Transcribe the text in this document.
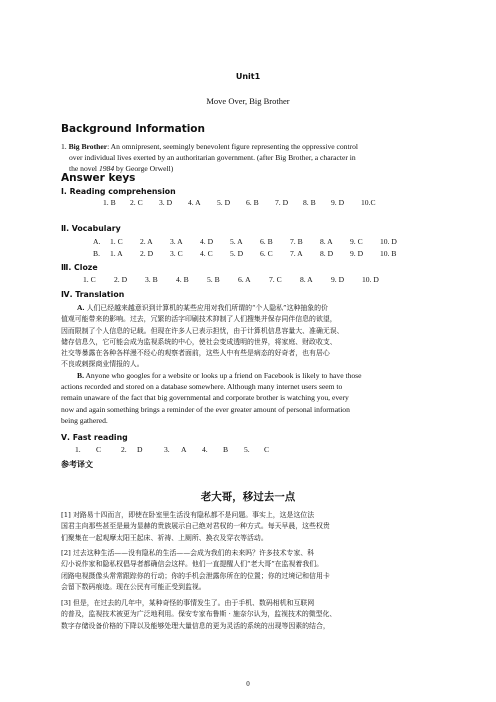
Unit1
Move Over, Big Brother
Background Information
1. Big Brother: An omnipresent, seemingly benevolent figure representing the oppressive control
over individual lives exerted by an authoritarian government. (after Big Brother, a character in
the novel 1984 by George Orwell)
Answer keys
Ⅰ. Reading comprehension
1. B 2. C 3. D 4. A 5. D 6. B 7. D 8. B 9. D 10.C
Ⅱ. Vocabulary
A. 1. C 2. A 3. A 4. D 5. A 6. B 7. B 8. A 9. C 10. D
B. 1. A 2. D 3. C 4. C 5. D 6. C 7. A 8. D 9. D 10. B
Ⅲ. Cloze
1. C 2. D 3. B 4. B 5. B 6. A 7. C 8. A 9. D 10. D
Ⅳ. Translation
A. 人们已经越来越意识到计算机的某些应用对我们所谓的“个人隐私”这种抽象的价
值观可能带来的影响。过去，冗繁的活字印刷技术抑制了人们搜集并保存同伴信息的欲望，
因而限制了个人信息的记载。但现在许多人已表示担忧，由于计算机信息容量大、准确无误、
储存信息久，它可能会成为监视系统的中心，使社会变成透明的世界，将家庭、财政收支、
社交等暴露在各种各样漫不经心的观察者面前，这些人中有些是病态的好奇者，也有居心
不良或刺探商业情报的人。
B. Anyone who googles for a website or looks up a friend on Facebook is likely to have those
actions recorded and stored on a database somewhere. Although many internet users seem to
remain unaware of the fact that big governmental and corporate brother is watching you, every
now and again something brings a reminder of the ever greater amount of personal information
being gathered.
Ⅴ. Fast reading
1. C	2. D	3. A 4. B 5. C
参考译文
老大哥，移过去一点
[1] 对路易十四而言，即使在卧室里生活没有隐私都不是问题。事实上，这是这位法
国君主向那些甚至是最为显赫的贵族展示自己绝对君权的一种方式。每天早晨，这些权贵
们聚集在一起观摩太阳王起床、祈祷、上厕所、换衣及穿衣等活动。
[2] 过去这种生活——没有隐私的生活——会成为我们的未来吗？许多技术专家、科
幻小说作家和隐私权倡导者都确信会这样。他们一直提醒人们“老大哥”在监视着我们。
闭路电视摄像头常常跟踪你的行动；你的手机会泄露你所在的位置；你的过境记和信用卡
会留下数码痕迹。现在公民有可能正受到监视。
[3] 但是，在过去的几年中，某种奇怪的事情发生了。由于手机、数码相机和互联网
的普及，监视技术被更为广泛地利用。保安专家布鲁斯 · 施奈尔认为，监视技术的微型化、
数字存储设备价格的下降以及能够处理大量信息的更为灵活的系统的出现等因素的结合，
0
